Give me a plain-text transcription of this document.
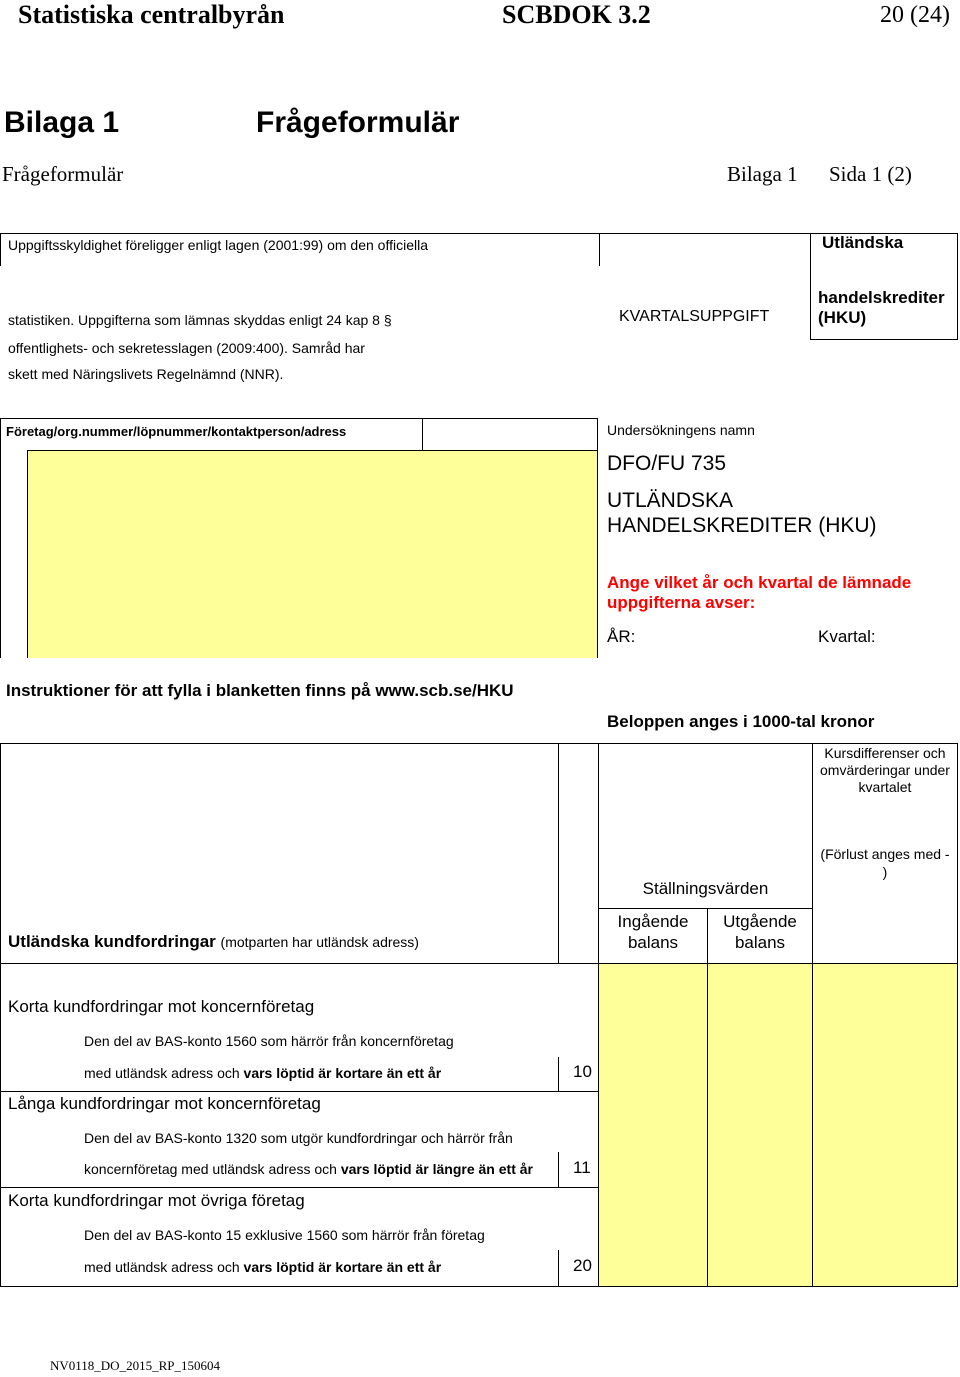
Statistiska centralbyrån	SCBDOK 3.2	20 (24)
Bilaga 1	Frågeformulär
Frågeformulär	Bilaga 1 Sida 1 (2)
Uppgiftsskyldighet föreligger enligt lagen (2001:99) om den officiella
statistiken. Uppgifterna som lämnas skyddas enligt 24 kap 8 §
offentlighets- och sekretesslagen (2009:400). Samråd har
skett med Näringslivets Regelnämnd (NNR).
KVARTALSUPPGIFT
Utländska
handelskrediter
(HKU)
Företag/org.nummer/löpnummer/kontaktperson/adress	Undersökningens namn
DFO/FU 735
UTLÄNDSKA
HANDELSKREDITER (HKU)
Ange vilket år och kvartal de lämnade
uppgifterna avser:
ÅR:	Kvartal:
Instruktioner för att fylla i blanketten finns på www.scb.se/HKU
Beloppen anges i 1000-tal kronor
Kursdifferenser och
omvärderingar under
kvartalet
(Förlust anges med -
)
Ställningsvärden
Ingående
balans
Utgående
balans
Utländska kundfordringar (motparten har utländsk adress)
Korta kundfordringar mot koncernföretag
Den del av BAS-konto 1560 som härrör från koncernföretag
med utländsk adress och vars löptid är kortare än ett år	10
Långa kundfordringar mot koncernföretag
Den del av BAS-konto 1320 som utgör kundfordringar och härrör från
koncernföretag med utländsk adress och vars löptid är längre än ett år 11
Korta kundfordringar mot övriga företag
Den del av BAS-konto 15 exklusive 1560 som härrör från företag
med utländsk adress och vars löptid är kortare än ett år	20
NV0118_DO_2015_RP_150604
